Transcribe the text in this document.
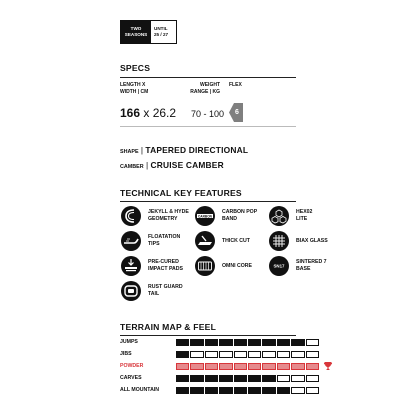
TWO
SEASONS
UNTIL
25 / 27
SPECS
LENGTH X
WIDTH | CM
WEIGHT
RANGE | KG
FLEX
166 x 26.2 70 - 100	6
SHAPE | TAPERED DIRECTIONAL
CAMBER | CRUISE CAMBER
TECHNICAL KEY FEATURES
JEKYLL & HYDE
GEOMETRY	CARBON
CARBON POP
BAND
HEX02
LITE
FLOATATION
TIPS
THICK CUT	BIAX GLASS
PRE-CURED
IMPACT PADS
OMNI CORE	SN17
SINTERED 7
BASE
RUST GUARD
TAIL
TERRAIN MAP & FEEL
JUMPS
JIBS
POWDER
CARVES
ALL MOUNTAIN
